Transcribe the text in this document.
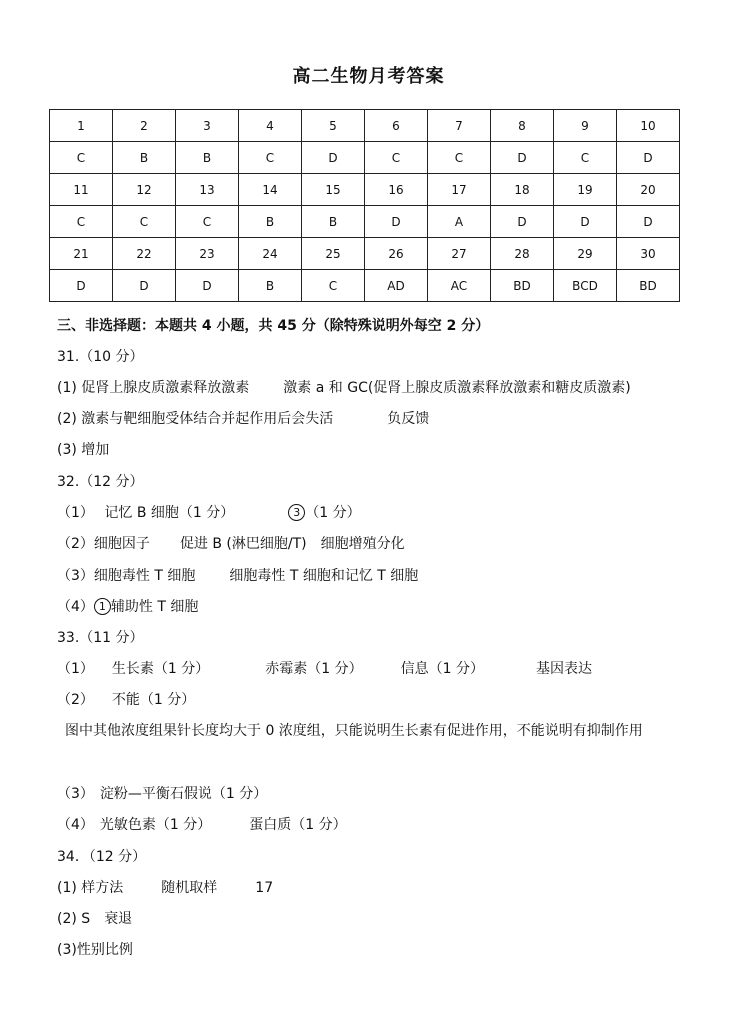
高二生物月考答案
1	2	3	4	5	6	7	8	9	10
C	B	B	C	D	C	C	D	C	D
11	12	13	14	15	16	17	18	19	20
C	C	C	B	B	D	A	D	D	D
21	22	23	24	25	26	27	28	29	30
D	D	D	B	C	AD	AC	BD	BCD	BD
三、非选择题：本题共 4 小题，共 45 分（除特殊说明外每空 2 分）
31.（10 分）
(1) 促肾上腺皮质激素释放激素 激素 a 和 GC(促肾上腺皮质激素释放激素和糖皮质激素)
(2) 激素与靶细胞受体结合并起作用后会失活	负反馈
(3) 增加
32.（12 分）
（1） 记忆 B 细胞（1 分）	3 （1 分）
（2）细胞因子 促进 B (淋巴细胞/T) 细胞增殖分化
（3）细胞毒性 T 细胞 细胞毒性 T 细胞和记忆 T 细胞
（4） 1 辅助性 T 细胞
33.（11 分）
（1） 生长素（1 分）	赤霉素（1 分）	信息（1 分）	基因表达
（2） 不能（1 分）
图中其他浓度组果针长度均大于 0 浓度组，只能说明生长素有促进作用，不能说明有抑制作用
（3） 淀粉—平衡石假说（1 分）
（4） 光敏色素（1 分）	蛋白质（1 分）
34．（12 分）
(1) 样方法	随机取样	17
(2) S 衰退
(3)性别比例
